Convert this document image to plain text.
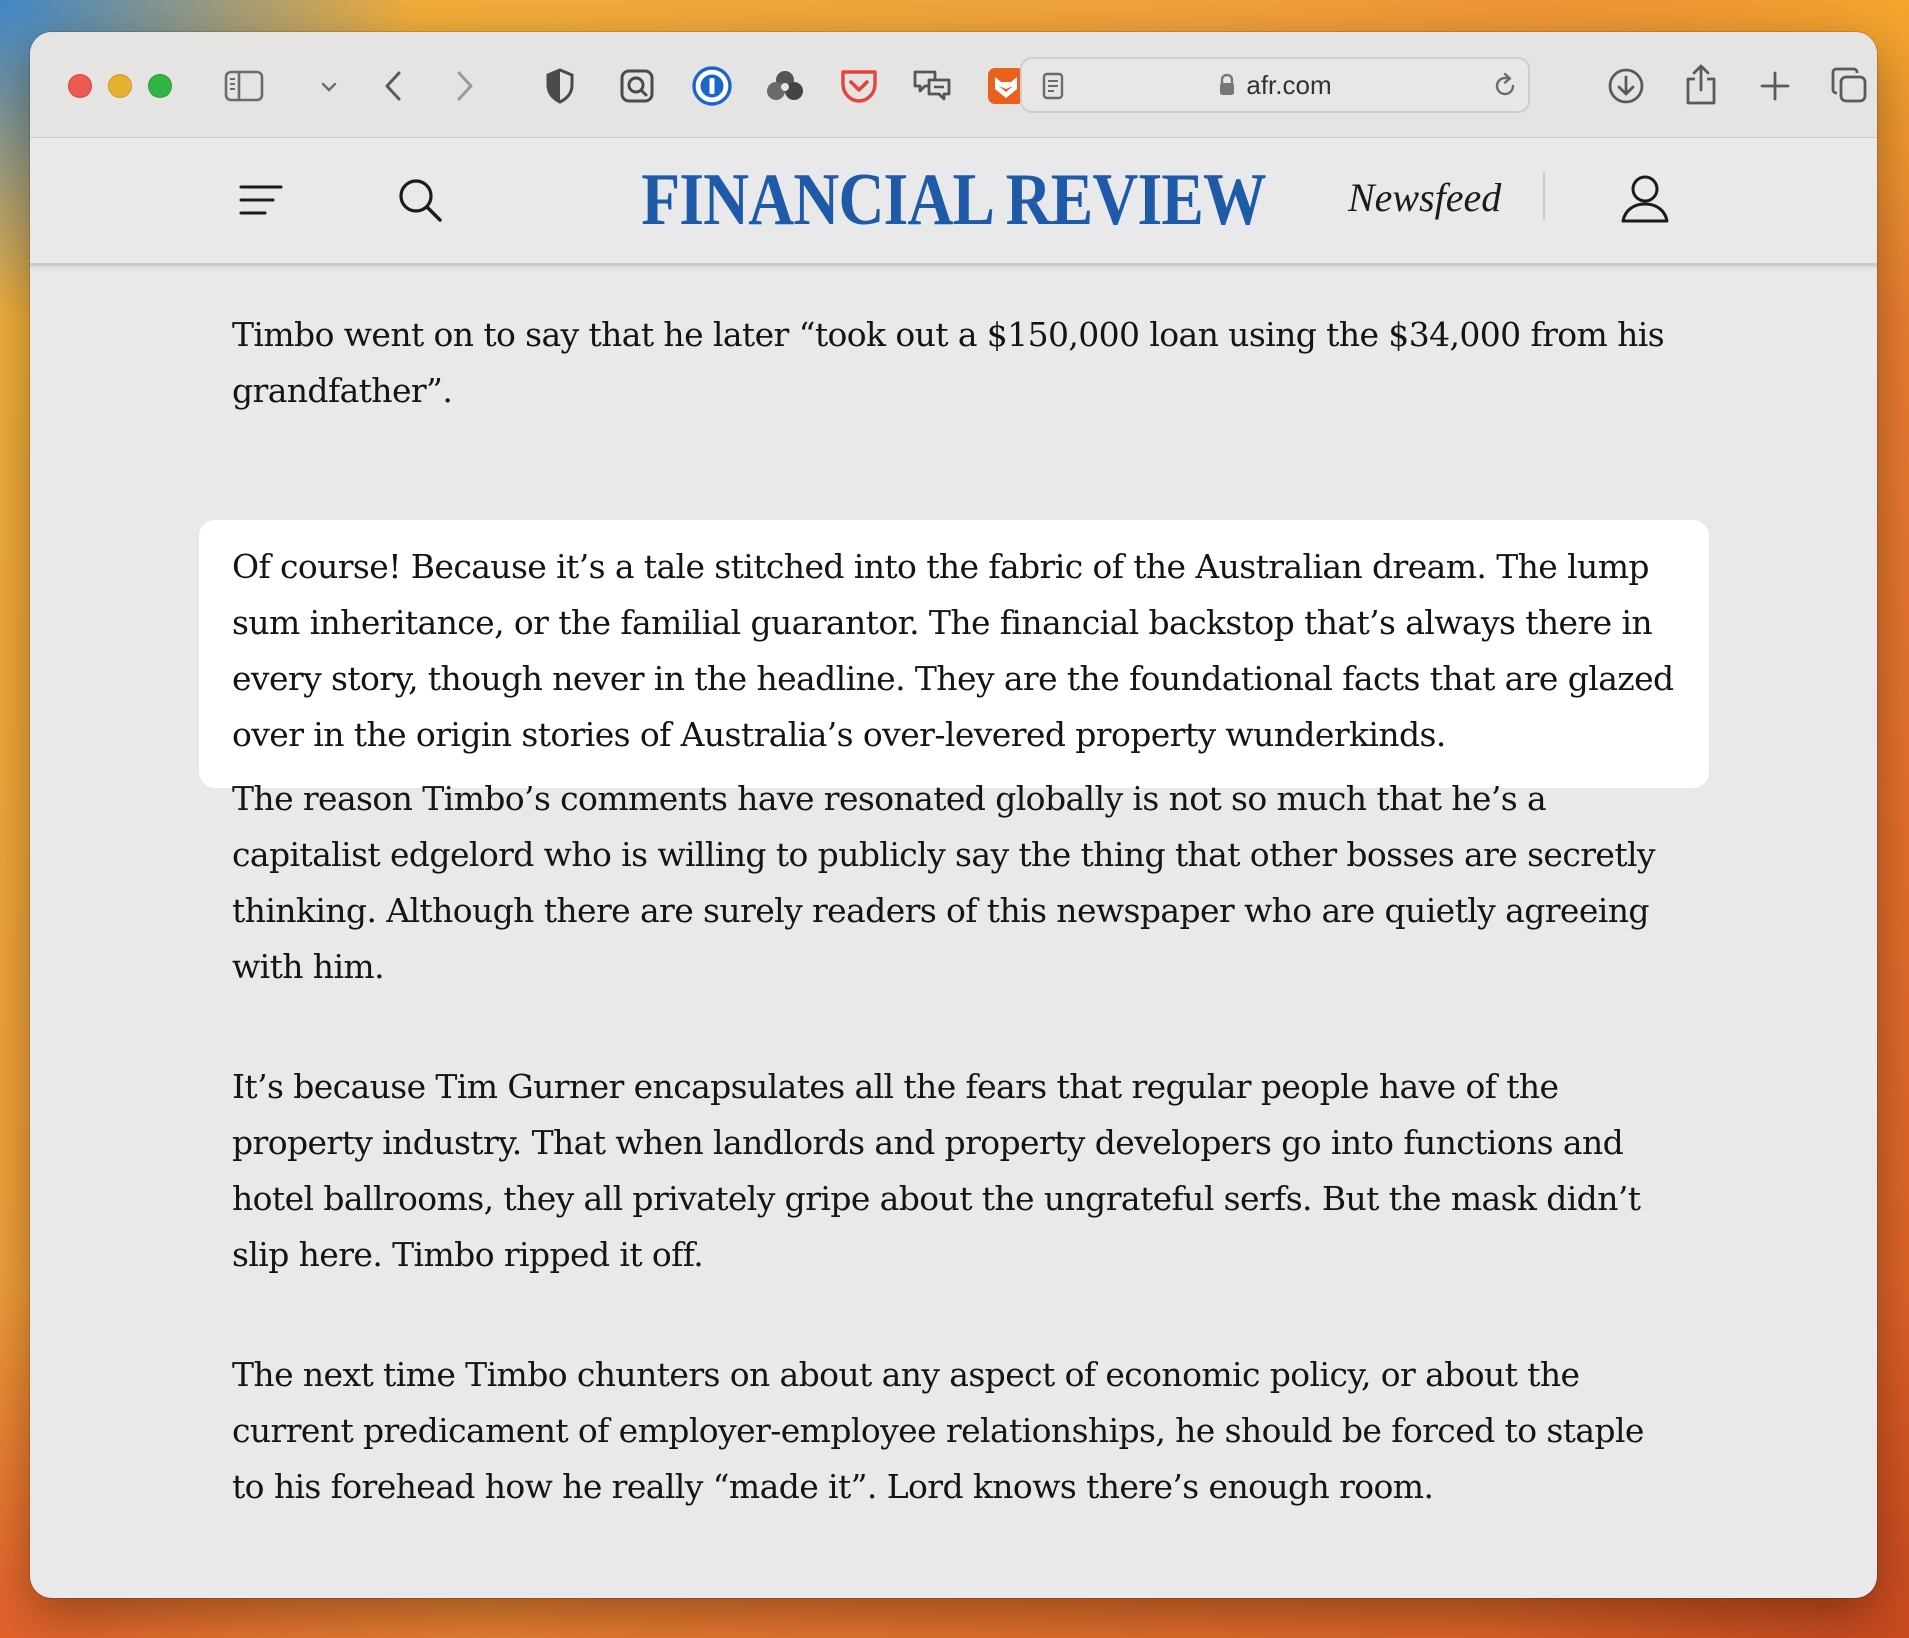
afr.com
FINANCIAL REVIEW	Newsfeed

Timbo went on to say that he later “took out a $150,000 loan using the $34,000 from his grandfather”.

Of course! Because it’s a tale stitched into the fabric of the Australian dream. The lump sum inheritance, or the familial guarantor. The financial backstop that’s always there in every story, though never in the headline. They are the foundational facts that are glazed over in the origin stories of Australia’s over-levered property wunderkinds.

The reason Timbo’s comments have resonated globally is not so much that he’s a capitalist edgelord who is willing to publicly say the thing that other bosses are secretly thinking. Although there are surely readers of this newspaper who are quietly agreeing with him.

It’s because Tim Gurner encapsulates all the fears that regular people have of the property industry. That when landlords and property developers go into functions and hotel ballrooms, they all privately gripe about the ungrateful serfs. But the mask didn’t slip here. Timbo ripped it off.

The next time Timbo chunters on about any aspect of economic policy, or about the current predicament of employer-employee relationships, he should be forced to staple to his forehead how he really “made it”. Lord knows there’s enough room.
